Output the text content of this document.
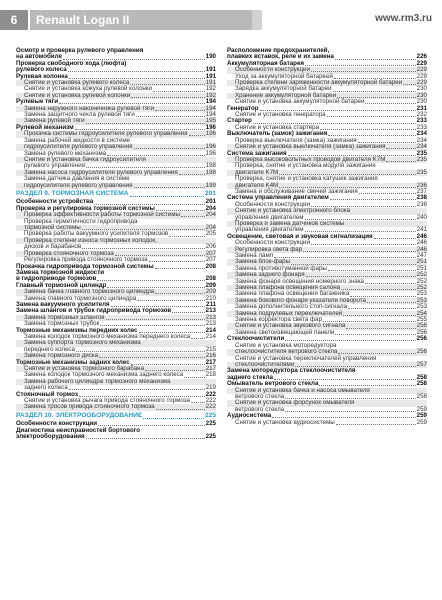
6	Renault Logan II	www.rm3.ru
Осмотр и проверка рулевого управления
на автомобиле	190
Проверка свободного хода (люфта)
рулевого колеса	191
Рулевая колонка	191
Снятие и установка рулевого колеса	191
Снятие и установка кожуха рулевой колонки	192
Снятие и установка рулевой колонки	192
Рулевые тяги	194
Замена наружного наконечника рулевой тяги	194
Замена защитного чехла рулевой тяги	194
Замена рулевой тяги	195
Рулевой механизм	196
Прокачка системы гидроусилителя рулевого управления	196
Замена рабочей жидкости в системе
гидроусилителя рулевого управления	196
Замена рулевого механизма	196
Снятие и установка бачка гидроусилителя
рулевого управления	198
Замена насоса гидроусилителя рулевого управления	198
Замена датчика давления в системе
гидроусилителя рулевого управления	199
РАЗДЕЛ 9. ТОРМОЗНАЯ СИСТЕМА	201
Особенности устройства	201
Проверка и регулировка тормозной системы	204
Проверка эффективности работы тормозной системы	204
Проверка герметичности гидропривода
тормозной системы	204
Проверка работы вакуумного усилителя тормозов	205
Проверка степени износа тормозных колодок,
дисков и барабанов	206
Проверка стояночного тормоза	207
Регулировка привода стояночного тормоза	207
Прокачка гидропривода тормозной системы	208
Замена тормозной жидкости
в гидроприводе тормозов	208
Главный тормозной цилиндр	209
Замена бачка главного тормозного цилиндра	209
Замена главного тормозного цилиндра	210
Замена вакуумного усилителя	211
Замена шлангов и трубок гидропривода тормозов	213
Замена тормозных шлангов	213
Замена тормозных трубок	213
Тормозные механизмы передних колес	214
Замена колодок тормозного механизма переднего колеса 214
Замена суппорта тормозного механизма
переднего колеса	215
Замена тормозного диска	216
Тормозные механизмы задних колес	217
Снятие и установка тормозного барабана	217
Замена колодок тормозного механизма заднего колеса	218
Замена рабочего цилиндра тормозного механизма
заднего колеса	219
Стояночный тормоз	222
Снятие и установка рычага привода стояночного тормоза	222
Замена тросов привода стояночного тормоза	222
РАЗДЕЛ 10. ЭЛЕКТРООБОРУДОВАНИЕ	225
Особенности конструкции	225
Диагностика неисправностей бортового
электрооборудования	225
Расположение предохранителей,
плавких вставок, реле и их замена	226
Аккумуляторная батарея	229
Особенности конструкции	229
Уход за аккумуляторной батареей	229
Проверка степени заряженности аккумуляторной батареи 229
Зарядка аккумуляторной батареи	230
Хранение аккумуляторной батареи	230
Снятие и установка аккумуляторной батареи	230
Генератор	231
Снятие и установка генератора	232
Стартер	233
Снятие и установка стартера	233
Выключатель (замок) зажигания	234
Проверка выключателя (замка) зажигания	234
Снятие и установка выключателя (замка) зажигания	234
Система зажигания	235
Проверка высоковольтных проводов двигателя K7M	235
Проверка, снятие и установка модуля зажигания
двигателя K7M	235
Проверка, снятие и установка катушек зажигания
двигателя K4M	236
Замена и обслуживание свечей зажигания	237
Система управления двигателем	238
Особенности конструкции	238
Снятие и установка электронного блока
управления двигателем	240
Проверка и замена датчиков системы
управления двигателем	241
Освещение, световая и звуковая сигнализация	246
Особенности конструкции	246
Регулировка света фар	246
Замена ламп	247
Замена блок-фары	251
Замена противотуманной фары	251
Замена заднего фонаря	252
Замена фонаря освещения номерного знака	252
Замена плафона освещения салона	252
Замена плафона освещения багажника	253
Замена бокового фонаря указателя поворота	253
Замена дополнительного стоп-сигнала	253
Замена подрулевых переключателей	254
Замена корректора света фар	255
Снятие и установка звукового сигнала	256
Замена светоизвещающей панели	256
Стеклоочистители	256
Снятие и установка моторедуктора
стеклоочистителя ветрового стекла	256
Снятие и установка переключателей управления
стеклоочистителями	257
Замена моторедуктора стеклоочистителя
заднего стекла	258
Омыватель ветрового стекла	258
Снятие и установка бачка и насоса омывателя
ветрового стекла	258
Снятие и установка форсунок омывателя
ветрового стекла	259
Аудиосистема	259
Снятие и установка аудиосистемы	259
